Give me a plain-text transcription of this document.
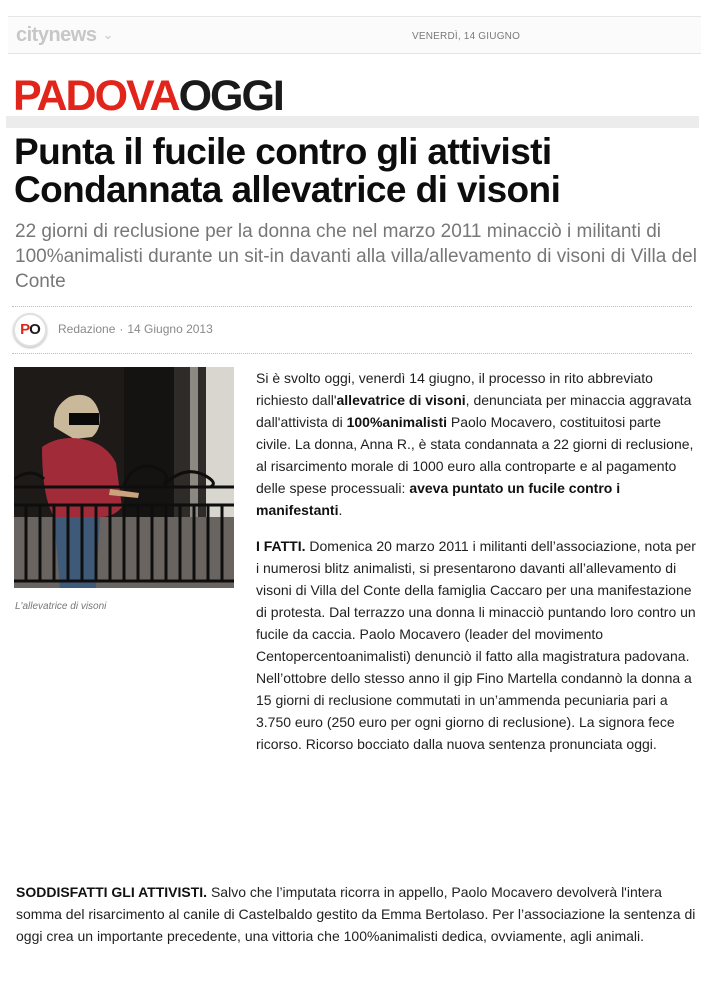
citynews ⌄	VENERDÌ, 14 GIUGNO
PADOVAOGGI
Punta il fucile contro gli attivisti
Condannata allevatrice di visoni
22 giorni di reclusione per la donna che nel marzo 2011 minacciò i militanti di 100%animalisti durante un sit-in davanti alla villa/allevamento di visoni di Villa del Conte
PO	Redazione · 14 Giugno 2013
L'allevatrice di visoni

Si è svolto oggi, venerdì 14 giugno, il processo in rito abbreviato richiesto dall'allevatrice di visoni, denunciata per minaccia aggravata dall'attivista di 100%animalisti Paolo Mocavero, costituitosi parte civile. La donna, Anna R., è stata condannata a 22 giorni di reclusione, al risarcimento morale di 1000 euro alla controparte e al pagamento delle spese processuali: aveva puntato un fucile contro i manifestanti.

I FATTI. Domenica 20 marzo 2011 i militanti dell’associazione, nota per i numerosi blitz animalisti, si presentarono davanti all’allevamento di visoni di Villa del Conte della famiglia Caccaro per una manifestazione di protesta. Dal terrazzo una donna li minacciò puntando loro contro un fucile da caccia. Paolo Mocavero (leader del movimento Centopercentoanimalisti) denunciò il fatto alla magistratura padovana. Nell’ottobre dello stesso anno il gip Fino Martella condannò la donna a 15 giorni di reclusione commutati in un’ammenda pecuniaria pari a 3.750 euro (250 euro per ogni giorno di reclusione). La signora fece ricorso. Ricorso bocciato dalla nuova sentenza pronunciata oggi.

SODDISFATTI GLI ATTIVISTI. Salvo che l’imputata ricorra in appello, Paolo Mocavero devolverà l'intera somma del risarcimento al canile di Castelbaldo gestito da Emma Bertolaso. Per l’associazione la sentenza di oggi crea un importante precedente, una vittoria che 100%animalisti dedica, ovviamente, agli animali.
